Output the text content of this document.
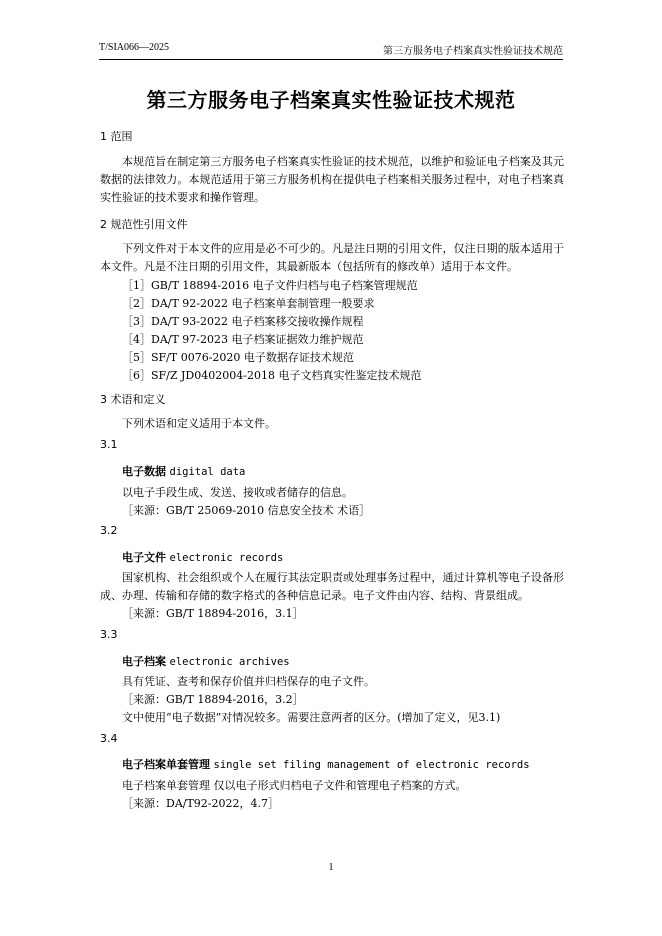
T/SIA066—2025	第三方服务电子档案真实性验证技术规范
第三方服务电子档案真实性验证技术规范
1 范围

本规范旨在制定第三方服务电子档案真实性验证的技术规范，以维护和验证电子档案及其元数据的法律效力。本规范适用于第三方服务机构在提供电子档案相关服务过程中，对电子档案真实性验证的技术要求和操作管理。

2 规范性引用文件

下列文件对于本文件的应用是必不可少的。凡是注日期的引用文件，仅注日期的版本适用于本文件。凡是不注日期的引用文件，其最新版本（包括所有的修改单）适用于本文件。

［1］GB/T 18894-2016 电子文件归档与电子档案管理规范
［2］DA/T 92-2022 电子档案单套制管理一般要求
［3］DA/T 93-2022 电子档案移交接收操作规程
［4］DA/T 97-2023 电子档案证据效力维护规范
［5］SF/T 0076-2020 电子数据存证技术规范
［6］SF/Z JD0402004-2018 电子文档真实性鉴定技术规范
3 术语和定义
下列术语和定义适用于本文件。
3.1
电子数据 digital data
以电子手段生成、发送、接收或者储存的信息。
［来源：GB/T 25069-2010 信息安全技术 术语］
3.2
电子文件 electronic records

国家机构、社会组织或个人在履行其法定职责或处理事务过程中，通过计算机等电子设备形成、办理、传输和存储的数字格式的各种信息记录。电子文件由内容、结构、背景组成。

［来源：GB/T 18894-2016，3.1］
3.3
电子档案 electronic archives
具有凭证、查考和保存价值并归档保存的电子文件。
［来源：GB/T 18894-2016，3.2］
文中使用“电子数据”对情况较多。需要注意两者的区分。(增加了定义，见3.1)
3.4
电子档案单套管理 single set filing management of electronic records
电子档案单套管理 仅以电子形式归档电子文件和管理电子档案的方式。
［来源：DA/T92-2022，4.7］
1
